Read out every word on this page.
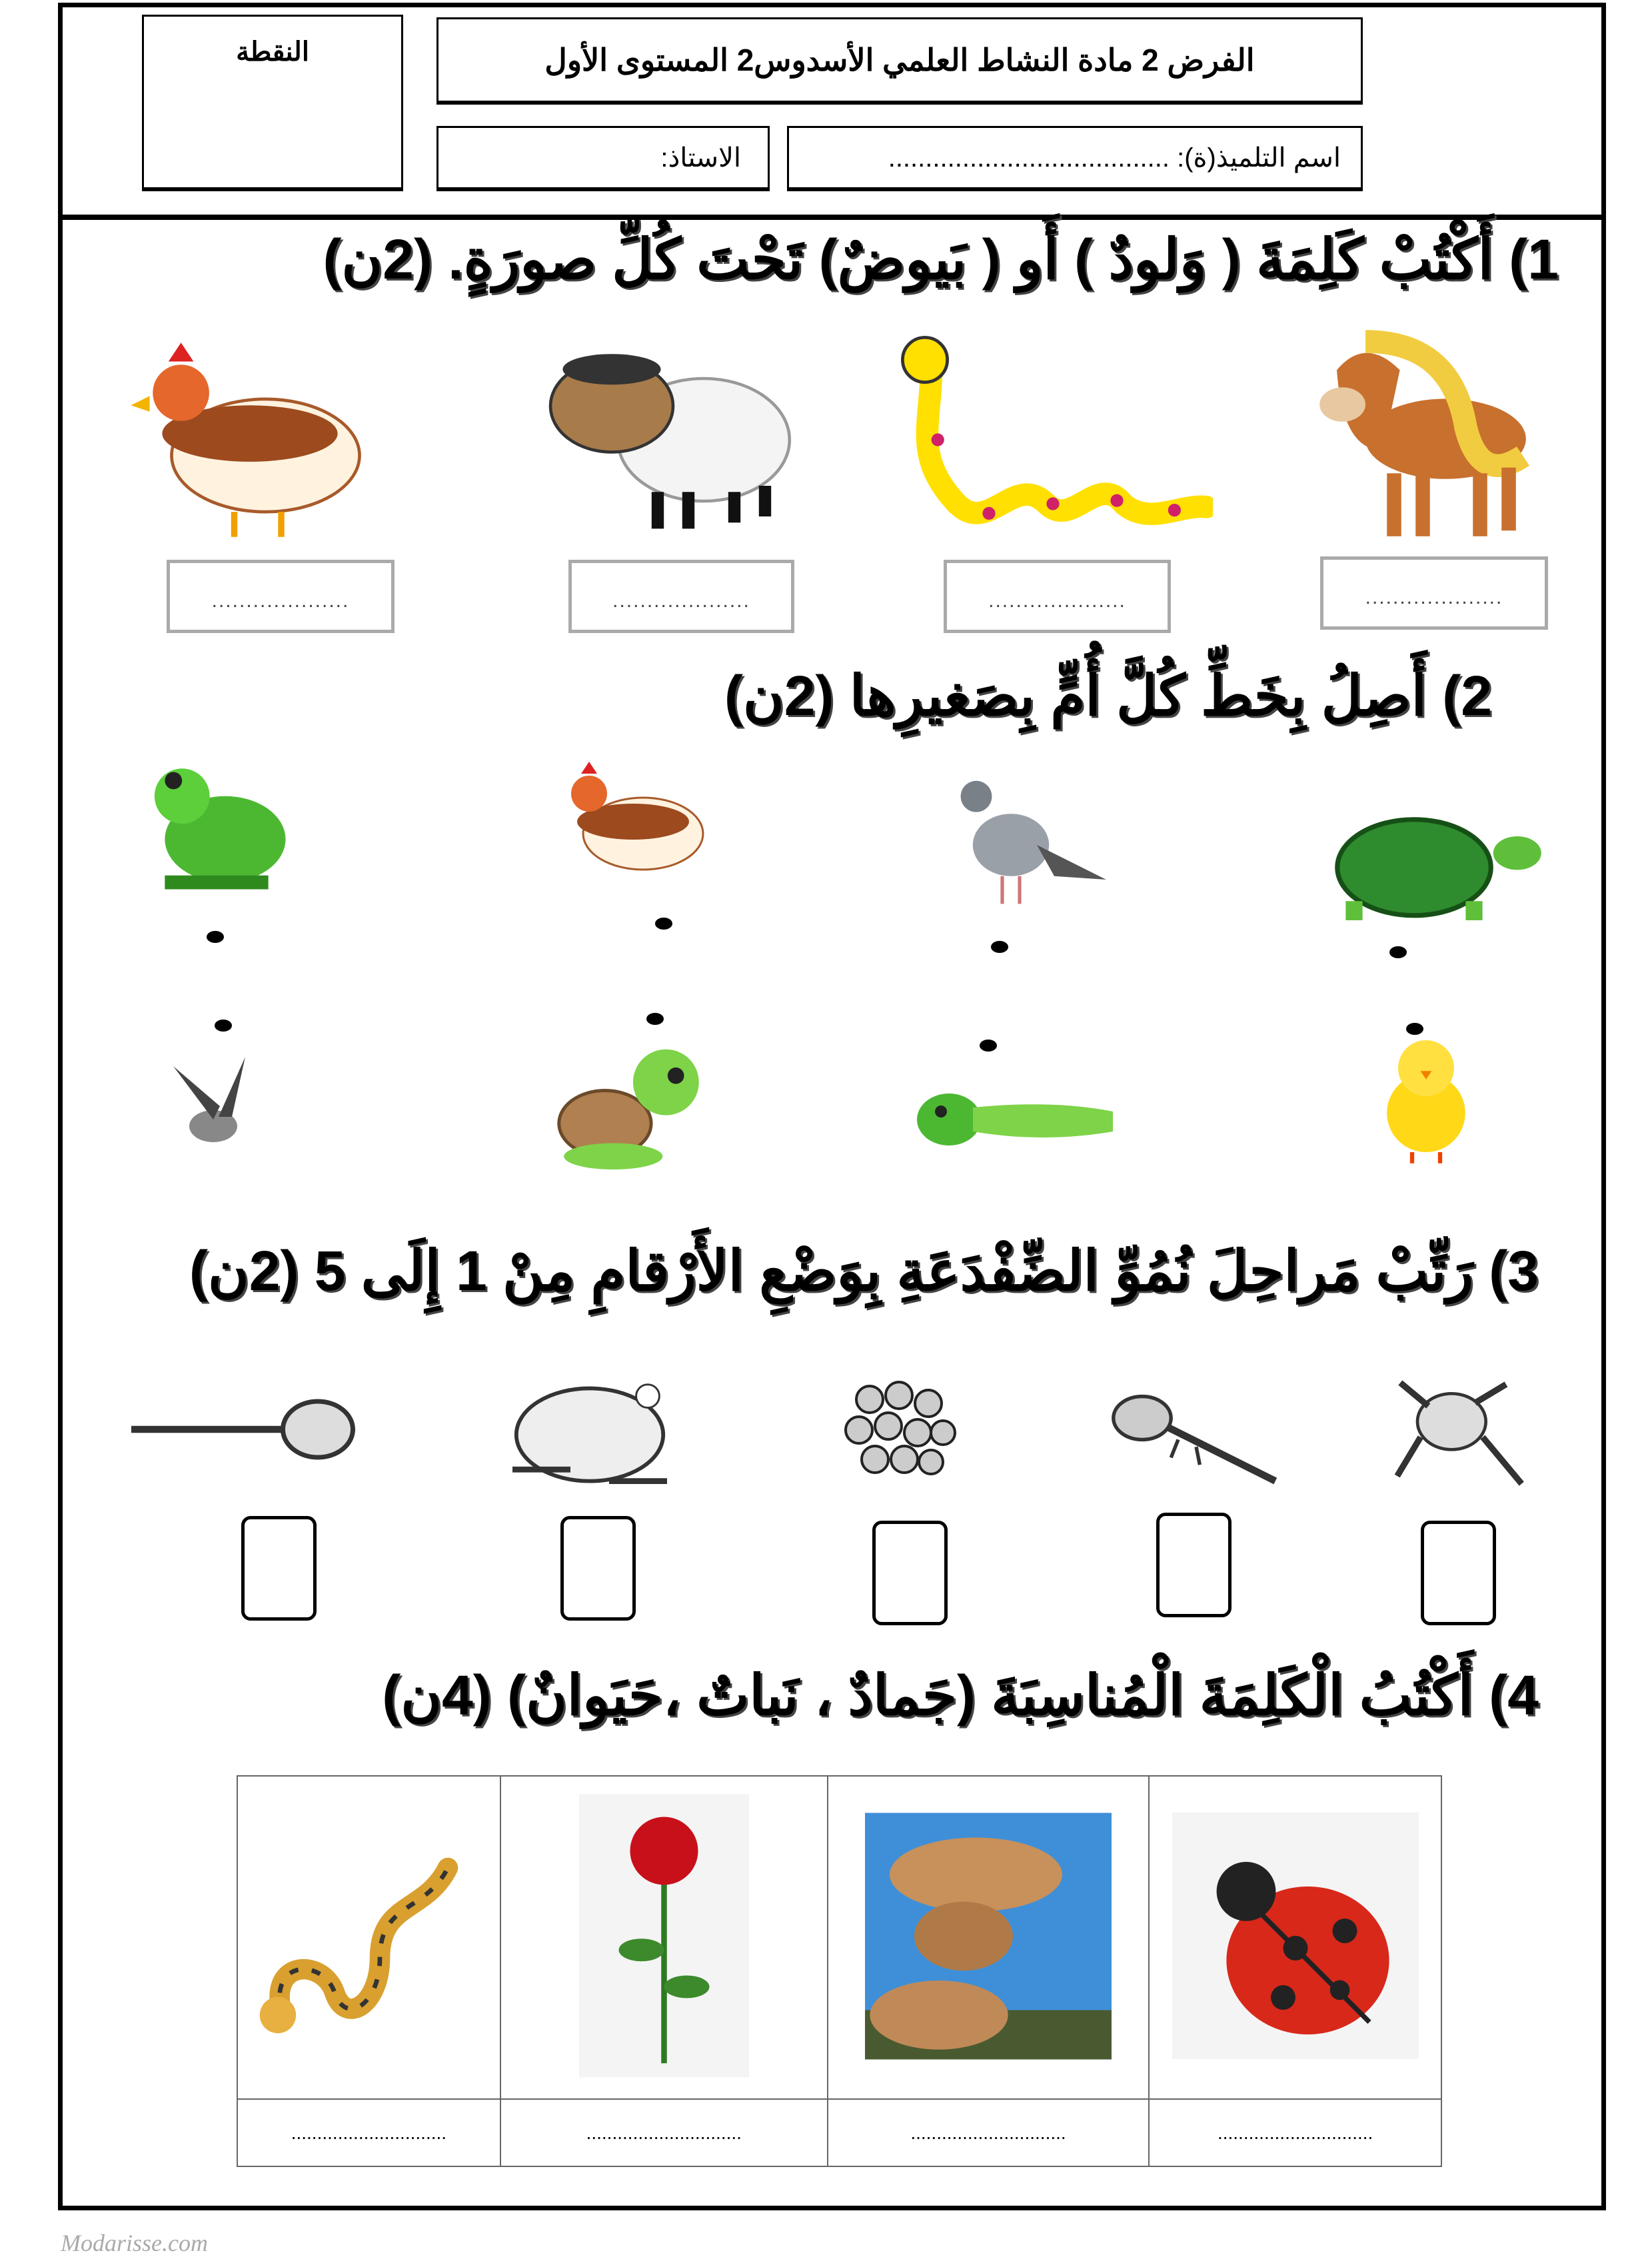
النقطة	الفرض 2 مادة النشاط العلمي الأسدوس2 المستوى الأول
الاستاذ:	اسم التلميذ(ة): ......................................
1) أَكْتُبْ كَلِمَةَ ( وَلودٌ ) أَو ( بَيوضٌ) تَحْتَ كُلِّ صورَةٍ. (2ن)
....................	....................	....................	....................
2) أَصِلُ بِخَطِّ كُلَّ أُمٍّ بِصَغيرِها (2ن)
3) رَتِّبْ مَراحِلَ نُمُوِّ الضِّفْدَعَةِ بِوَضْعِ الأَرْقامِ مِنْ 1 إِلَى 5 (2ن)
4) أَكْتُبُ الْكَلِمَةَ الْمُناسِبَةَ (جَمادٌ ، نَباتٌ ،حَيَوانٌ) (4ن)

..............................	..............................	..............................	..............................
Modarisse.com
